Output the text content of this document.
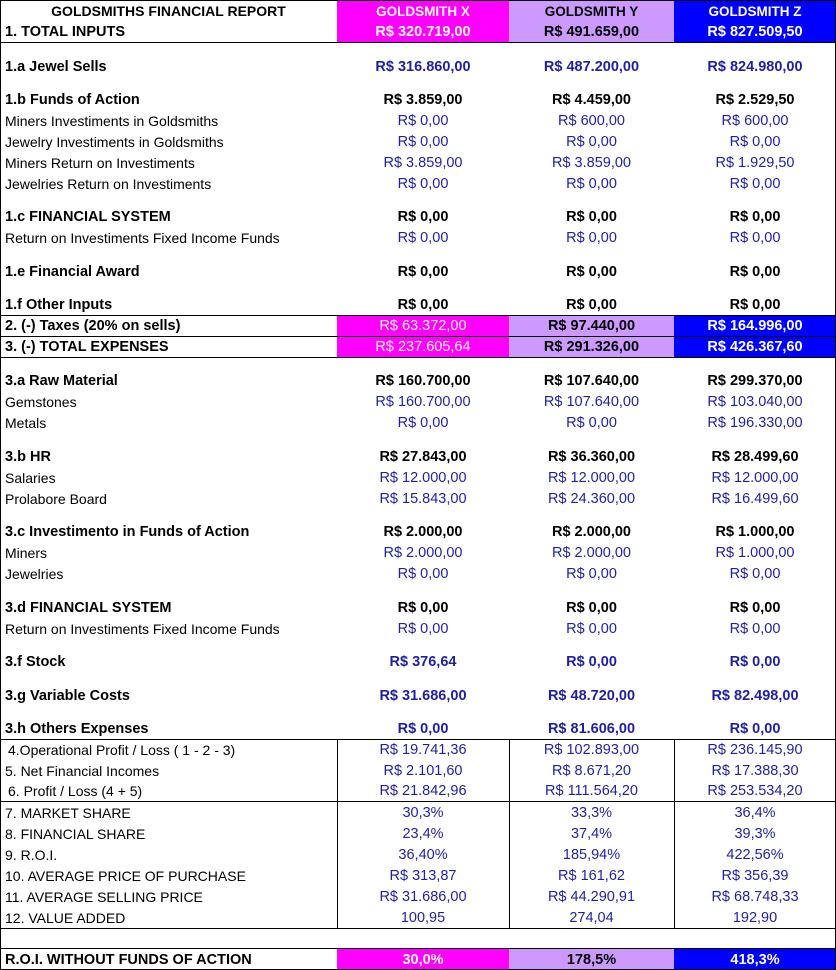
GOLDSMITHS FINANCIAL REPORT	GOLDSMITH X	GOLDSMITH Y	GOLDSMITH Z
1. TOTAL INPUTS	R$ 320.719,00	R$ 491.659,00	R$ 827.509,50
1.a Jewel Sells	R$ 316.860,00	R$ 487.200,00	R$ 824.980,00
1.b Funds of Action	R$ 3.859,00	R$ 4.459,00	R$ 2.529,50
Miners Investiments in Goldsmiths	R$ 0,00	R$ 600,00	R$ 600,00
Jewelry Investiments in Goldsmiths	R$ 0,00	R$ 0,00	R$ 0,00
Miners Return on Investiments	R$ 3.859,00	R$ 3.859,00	R$ 1.929,50
Jewelries Return on Investiments	R$ 0,00	R$ 0,00	R$ 0,00
1.c FINANCIAL SYSTEM	R$ 0,00	R$ 0,00	R$ 0,00
Return on Investiments Fixed Income Funds	R$ 0,00	R$ 0,00	R$ 0,00
1.e Financial Award	R$ 0,00	R$ 0,00	R$ 0,00
1.f Other Inputs	R$ 0,00	R$ 0,00	R$ 0,00
2. (-) Taxes (20% on sells)	R$ 63.372,00	R$ 97.440,00	R$ 164.996,00
3. (-) TOTAL EXPENSES	R$ 237.605,64	R$ 291.326,00	R$ 426.367,60
3.a Raw Material	R$ 160.700,00	R$ 107.640,00	R$ 299.370,00
Gemstones	R$ 160.700,00	R$ 107.640,00	R$ 103.040,00
Metals	R$ 0,00	R$ 0,00	R$ 196.330,00
3.b HR	R$ 27.843,00	R$ 36.360,00	R$ 28.499,60
Salaries	R$ 12.000,00	R$ 12.000,00	R$ 12.000,00
Prolabore Board	R$ 15.843,00	R$ 24.360,00	R$ 16.499,60
3.c Investimento in Funds of Action	R$ 2.000,00	R$ 2.000,00	R$ 1.000,00
Miners	R$ 2.000,00	R$ 2.000,00	R$ 1.000,00
Jewelries	R$ 0,00	R$ 0,00	R$ 0,00
3.d FINANCIAL SYSTEM	R$ 0,00	R$ 0,00	R$ 0,00
Return on Investiments Fixed Income Funds	R$ 0,00	R$ 0,00	R$ 0,00
3.f Stock	R$ 376,64	R$ 0,00	R$ 0,00
3.g Variable Costs	R$ 31.686,00	R$ 48.720,00	R$ 82.498,00
3.h Others Expenses	R$ 0,00	R$ 81.606,00	R$ 0,00
4.Operational Profit / Loss ( 1 - 2 - 3)	R$ 19.741,36	R$ 102.893,00	R$ 236.145,90
5. Net Financial Incomes	R$ 2.101,60	R$ 8.671,20	R$ 17.388,30
6. Profit / Loss (4 + 5)	R$ 21.842,96	R$ 111.564,20	R$ 253.534,20
7. MARKET SHARE	30,3%	33,3%	36,4%
8. FINANCIAL SHARE	23,4%	37,4%	39,3%
9. R.O.I.	36,40%	185,94%	422,56%
10. AVERAGE PRICE OF PURCHASE	R$ 313,87	R$ 161,62	R$ 356,39
11. AVERAGE SELLING PRICE	R$ 31.686,00	R$ 44.290,91	R$ 68.748,33
12. VALUE ADDED	100,95	274,04	192,90
R.O.I. WITHOUT FUNDS OF ACTION	30,0%	178,5%	418,3%
